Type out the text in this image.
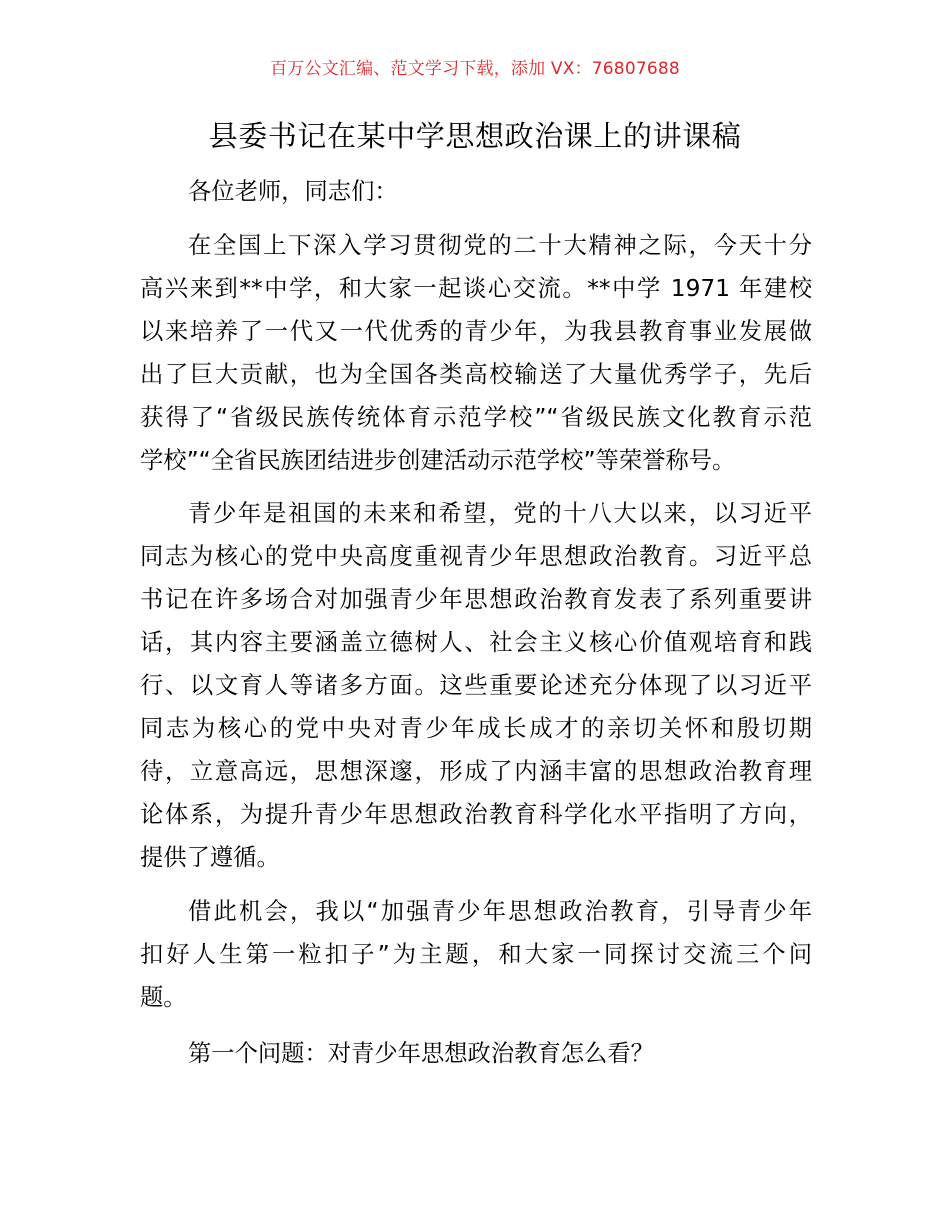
百万公文汇编、范文学习下载，添加 VX：76807688
县委书记在某中学思想政治课上的讲课稿
各位老师，同志们：
在全国上下深入学习贯彻党的二十大精神之际，今天十分
高兴来到**中学，和大家一起谈心交流。**中学 1971 年建校
以来培养了一代又一代优秀的青少年，为我县教育事业发展做
出了巨大贡献，也为全国各类高校输送了大量优秀学子，先后
获得了“省级民族传统体育示范学校”“省级民族文化教育示范
学校”“全省民族团结进步创建活动示范学校”等荣誉称号。
青少年是祖国的未来和希望，党的十八大以来，以习近平
同志为核心的党中央高度重视青少年思想政治教育。习近平总
书记在许多场合对加强青少年思想政治教育发表了系列重要讲
话，其内容主要涵盖立德树人、社会主义核心价值观培育和践
行、以文育人等诸多方面。这些重要论述充分体现了以习近平
同志为核心的党中央对青少年成长成才的亲切关怀和殷切期
待，立意高远，思想深邃，形成了内涵丰富的思想政治教育理
论体系，为提升青少年思想政治教育科学化水平指明了方向，
提供了遵循。
借此机会，我以“加强青少年思想政治教育，引导青少年
扣好人生第一粒扣子”为主题，和大家一同探讨交流三个问
题。
第一个问题：对青少年思想政治教育怎么看？
